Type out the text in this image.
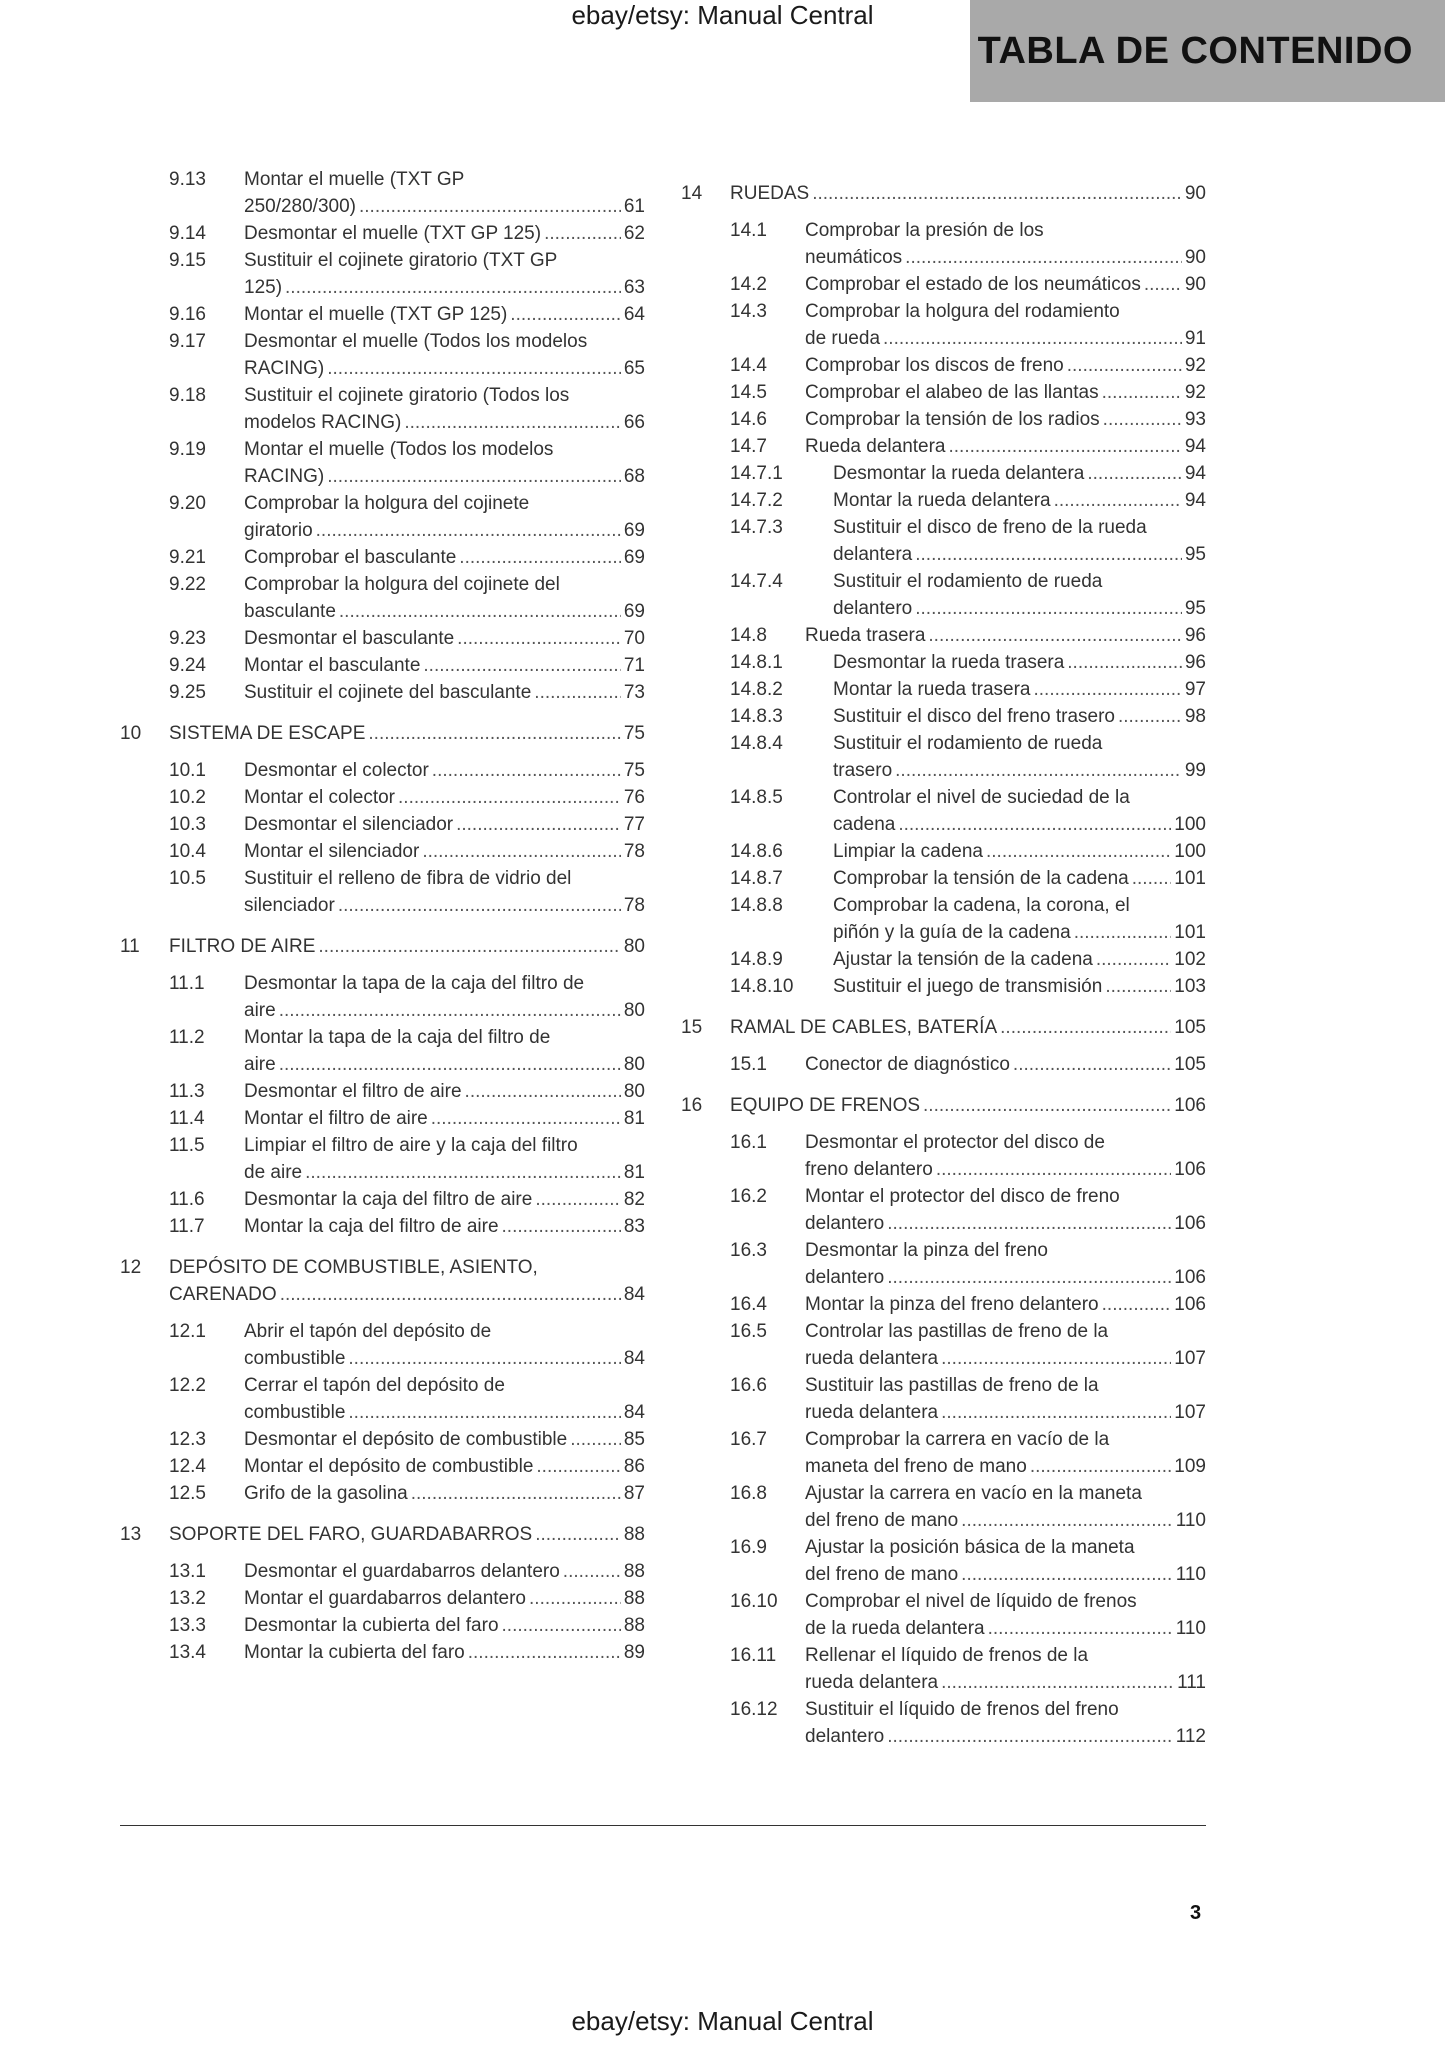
ebay/etsy: Manual Central
TABLA DE CONTENIDO
9.13 Montar el muelle (TXT GP
250/280/300) .....	61
9.14 Desmontar el muelle (TXT GP 125) .....	62
9.15 Sustituir el cojinete giratorio (TXT GP
125) .....	63
9.16 Montar el muelle (TXT GP 125) .....	64
9.17 Desmontar el muelle (Todos los modelos
RACING) .....	65
9.18 Sustituir el cojinete giratorio (Todos los
modelos RACING) .....	66
9.19 Montar el muelle (Todos los modelos
RACING) .....	68
9.20 Comprobar la holgura del cojinete
giratorio .....	69
9.21 Comprobar el basculante .....	69
9.22 Comprobar la holgura del cojinete del
basculante .....	69
9.23 Desmontar el basculante .....	70
9.24 Montar el basculante .....	71
9.25 Sustituir el cojinete del basculante .....	73
10 SISTEMA DE ESCAPE .....	75
10.1 Desmontar el colector .....	75
10.2 Montar el colector .....	76
10.3 Desmontar el silenciador .....	77
10.4 Montar el silenciador .....	78
10.5 Sustituir el relleno de fibra de vidrio del
silenciador .....	78
11 FILTRO DE AIRE .....	80
11.1 Desmontar la tapa de la caja del filtro de
aire .....	80
11.2 Montar la tapa de la caja del filtro de
aire .....	80
11.3 Desmontar el filtro de aire .....	80
11.4 Montar el filtro de aire .....	81
11.5 Limpiar el filtro de aire y la caja del filtro
de aire .....	81
11.6 Desmontar la caja del filtro de aire .....	82
11.7 Montar la caja del filtro de aire .....	83
12 DEPÓSITO DE COMBUSTIBLE, ASIENTO,
CARENADO .....	84
12.1 Abrir el tapón del depósito de
combustible .....	84
12.2 Cerrar el tapón del depósito de
combustible .....	84
12.3 Desmontar el depósito de combustible .....	85
12.4 Montar el depósito de combustible .....	86
12.5 Grifo de la gasolina .....	87
13 SOPORTE DEL FARO, GUARDABARROS .....	88
13.1 Desmontar el guardabarros delantero .....	88
13.2 Montar el guardabarros delantero .....	88
13.3 Desmontar la cubierta del faro .....	88
13.4 Montar la cubierta del faro .....	89
14 RUEDAS .....	90
14.1 Comprobar la presión de los
neumáticos .....	90
14.2 Comprobar el estado de los neumáticos ..... 90
14.3 Comprobar la holgura del rodamiento
de rueda .....	91
14.4 Comprobar los discos de freno .....	92
14.5 Comprobar el alabeo de las llantas .....	92
14.6 Comprobar la tensión de los radios .....	93
14.7 Rueda delantera .....	94
14.7.1	Desmontar la rueda delantera .....	94
14.7.2	Montar la rueda delantera .....	94
14.7.3	Sustituir el disco de freno de la rueda
delantera .....	95
14.7.4	Sustituir el rodamiento de rueda
delantero .....	95
14.8 Rueda trasera .....	96
14.8.1	Desmontar la rueda trasera .....	96
14.8.2	Montar la rueda trasera .....	97
14.8.3	Sustituir el disco del freno trasero .....	98
14.8.4	Sustituir el rodamiento de rueda
trasero .....	99
14.8.5	Controlar el nivel de suciedad de la
cadena .....	100
14.8.6	Limpiar la cadena .....	100
14.8.7	Comprobar la tensión de la cadena ..... 101
14.8.8	Comprobar la cadena, la corona, el
piñón y la guía de la cadena .....	101
14.8.9	Ajustar la tensión de la cadena .....	102
14.8.10 Sustituir el juego de transmisión .....	103
15 RAMAL DE CABLES, BATERÍA .....	105
15.1 Conector de diagnóstico .....	105
16 EQUIPO DE FRENOS .....	106
16.1 Desmontar el protector del disco de
freno delantero .....	106
16.2 Montar el protector del disco de freno
delantero .....	106
16.3 Desmontar la pinza del freno
delantero .....	106
16.4 Montar la pinza del freno delantero .....	106
16.5 Controlar las pastillas de freno de la
rueda delantera .....	107
16.6 Sustituir las pastillas de freno de la
rueda delantera .....	107
16.7 Comprobar la carrera en vacío de la
maneta del freno de mano .....	109
16.8 Ajustar la carrera en vacío en la maneta
del freno de mano .....	110
16.9 Ajustar la posición básica de la maneta
del freno de mano .....	110
16.10 Comprobar el nivel de líquido de frenos
de la rueda delantera .....	110
16.11 Rellenar el líquido de frenos de la
rueda delantera .....	111
16.12 Sustituir el líquido de frenos del freno
delantero .....	112
3
ebay/etsy: Manual Central
